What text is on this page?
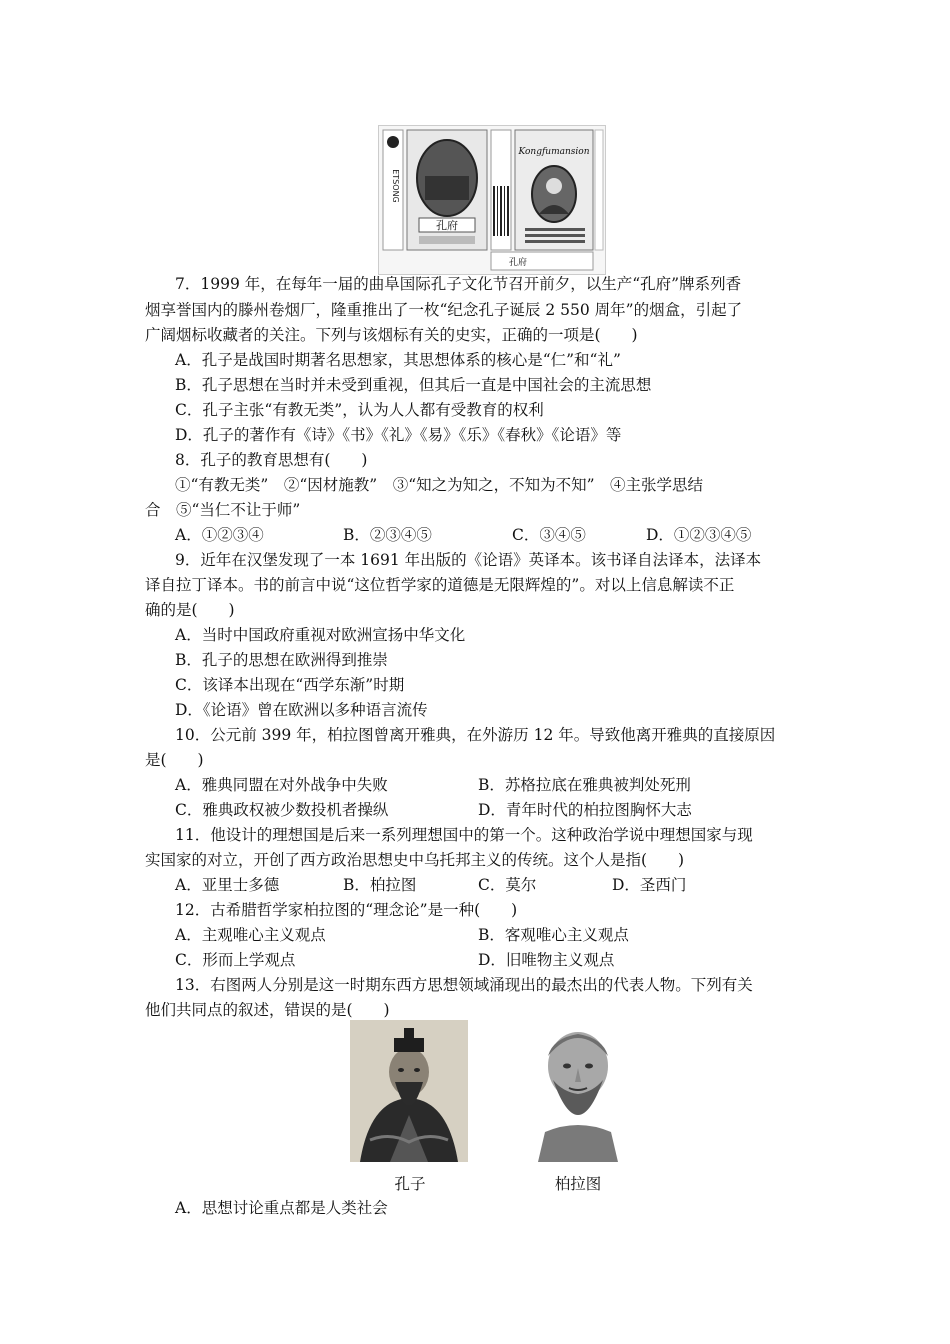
ETSONG
孔府
Kongfumansion
孔府
7．1999 年，在每年一届的曲阜国际孔子文化节召开前夕，以生产“孔府”牌系列香
烟享誉国内的滕州卷烟厂，隆重推出了一枚“纪念孔子诞辰 2 550 周年”的烟盒，引起了
广阔烟标收藏者的关注。下列与该烟标有关的史实，正确的一项是(　　)
A．孔子是战国时期著名思想家，其思想体系的核心是“仁”和“礼”
B．孔子思想在当时并未受到重视，但其后一直是中国社会的主流思想
C．孔子主张“有教无类”，认为人人都有受教育的权利
D．孔子的著作有《诗》《书》《礼》《易》《乐》《春秋》《论语》等
8．孔子的教育思想有(　　)
①“有教无类”　②“因材施教”　③“知之为知之，不知为不知”　④主张学思结
合　⑤“当仁不让于师”
A．①②③④	B．②③④⑤	C．③④⑤	D．①②③④⑤
9．近年在汉堡发现了一本 1691 年出版的《论语》英译本。该书译自法译本，法译本
译自拉丁译本。书的前言中说“这位哲学家的道德是无限辉煌的”。对以上信息解读不正
确的是(　　)
A．当时中国政府重视对欧洲宣扬中华文化
B．孔子的思想在欧洲得到推崇
C．该译本出现在“西学东渐”时期
D．《论语》曾在欧洲以多种语言流传
10．公元前 399 年，柏拉图曾离开雅典，在外游历 12 年。导致他离开雅典的直接原因
是(　　)
A．雅典同盟在对外战争中失败	B．苏格拉底在雅典被判处死刑
C．雅典政权被少数投机者操纵	D．青年时代的柏拉图胸怀大志
11．他设计的理想国是后来一系列理想国中的第一个。这种政治学说中理想国家与现
实国家的对立，开创了西方政治思想史中乌托邦主义的传统。这个人是指(　　)
A．亚里士多德	B．柏拉图	C．莫尔	D．圣西门
12．古希腊哲学家柏拉图的“理念论”是一种(　　)
A．主观唯心主义观点	B．客观唯心主义观点
C．形而上学观点	D．旧唯物主义观点
13．右图两人分别是这一时期东西方思想领域涌现出的最杰出的代表人物。下列有关
他们共同点的叙述，错误的是(　　)
孔子	柏拉图
A．思想讨论重点都是人类社会
